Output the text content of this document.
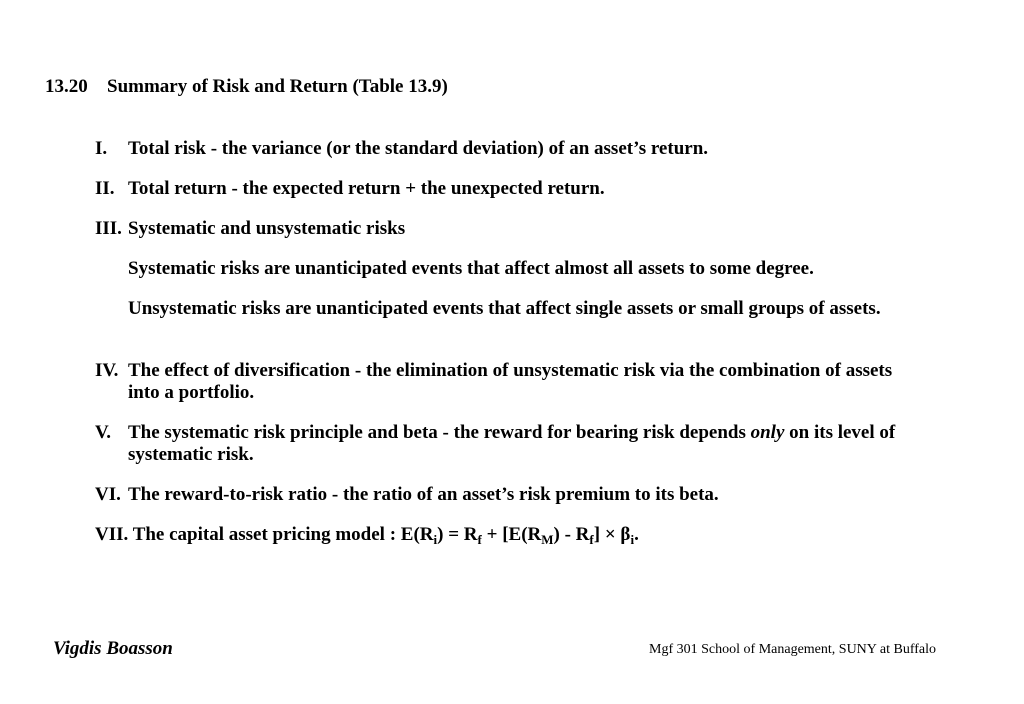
13.20 Summary of Risk and Return (Table 13.9)
I. Total risk - the variance (or the standard deviation) of an asset’s return.
II. Total return - the expected return + the unexpected return.
III. Systematic and unsystematic risks
Systematic risks are unanticipated events that affect almost all assets to some degree.
Unsystematic risks are unanticipated events that affect single assets or small groups of assets.
IV. The effect of diversification - the elimination of unsystematic risk via the combination of assets into a portfolio.
V. The systematic risk principle and beta - the reward for bearing risk depends only on its level of systematic risk.
VI. The reward-to-risk ratio - the ratio of an asset’s risk premium to its beta.
VII. The capital asset pricing model : $E(R_i) = R_f + [E(R_M) - R_f] \times \beta_i$.
Vigdis Boasson	Mgf 301 School of Management, SUNY at Buffalo
